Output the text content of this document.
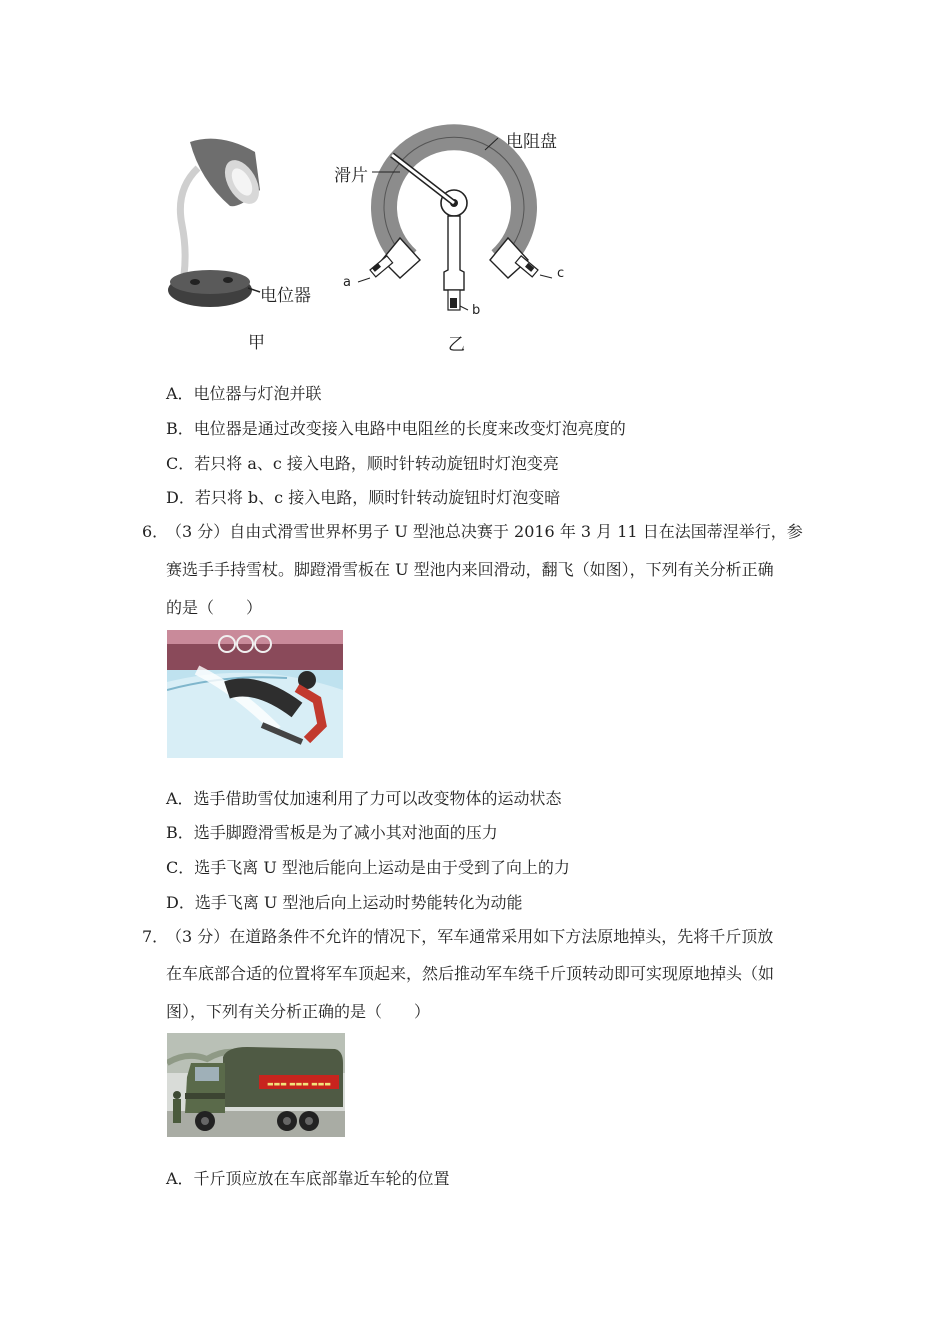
电位器
甲
电阻盘
滑片
a
c
b
乙
A．电位器与灯泡并联
B．电位器是通过改变接入电路中电阻丝的长度来改变灯泡亮度的
C．若只将 a、c 接入电路，顺时针转动旋钮时灯泡变亮
D．若只将 b、c 接入电路，顺时针转动旋钮时灯泡变暗
6．
（3 分）自由式滑雪世界杯男子 U 型池总决赛于 2016 年 3 月 11 日在法国蒂涅举行，参
赛选手手持雪杖。脚蹬滑雪板在 U 型池内来回滑动，翻飞（如图），下列有关分析正确
的是（　　）
A．选手借助雪仗加速利用了力可以改变物体的运动状态
B．选手脚蹬滑雪板是为了减小其对池面的压力
C．选手飞离 U 型池后能向上运动是由于受到了向上的力
D．选手飞离 U 型池后向上运动时势能转化为动能
7．
（3 分）在道路条件不允许的情况下，军车通常采用如下方法原地掉头，先将千斤顶放
在车底部合适的位置将军车顶起来，然后推动军车绕千斤顶转动即可实现原地掉头（如
图），下列有关分析正确的是（　　）
▬▬▬ ▬▬▬ ▬▬▬
A．千斤顶应放在车底部靠近车轮的位置
